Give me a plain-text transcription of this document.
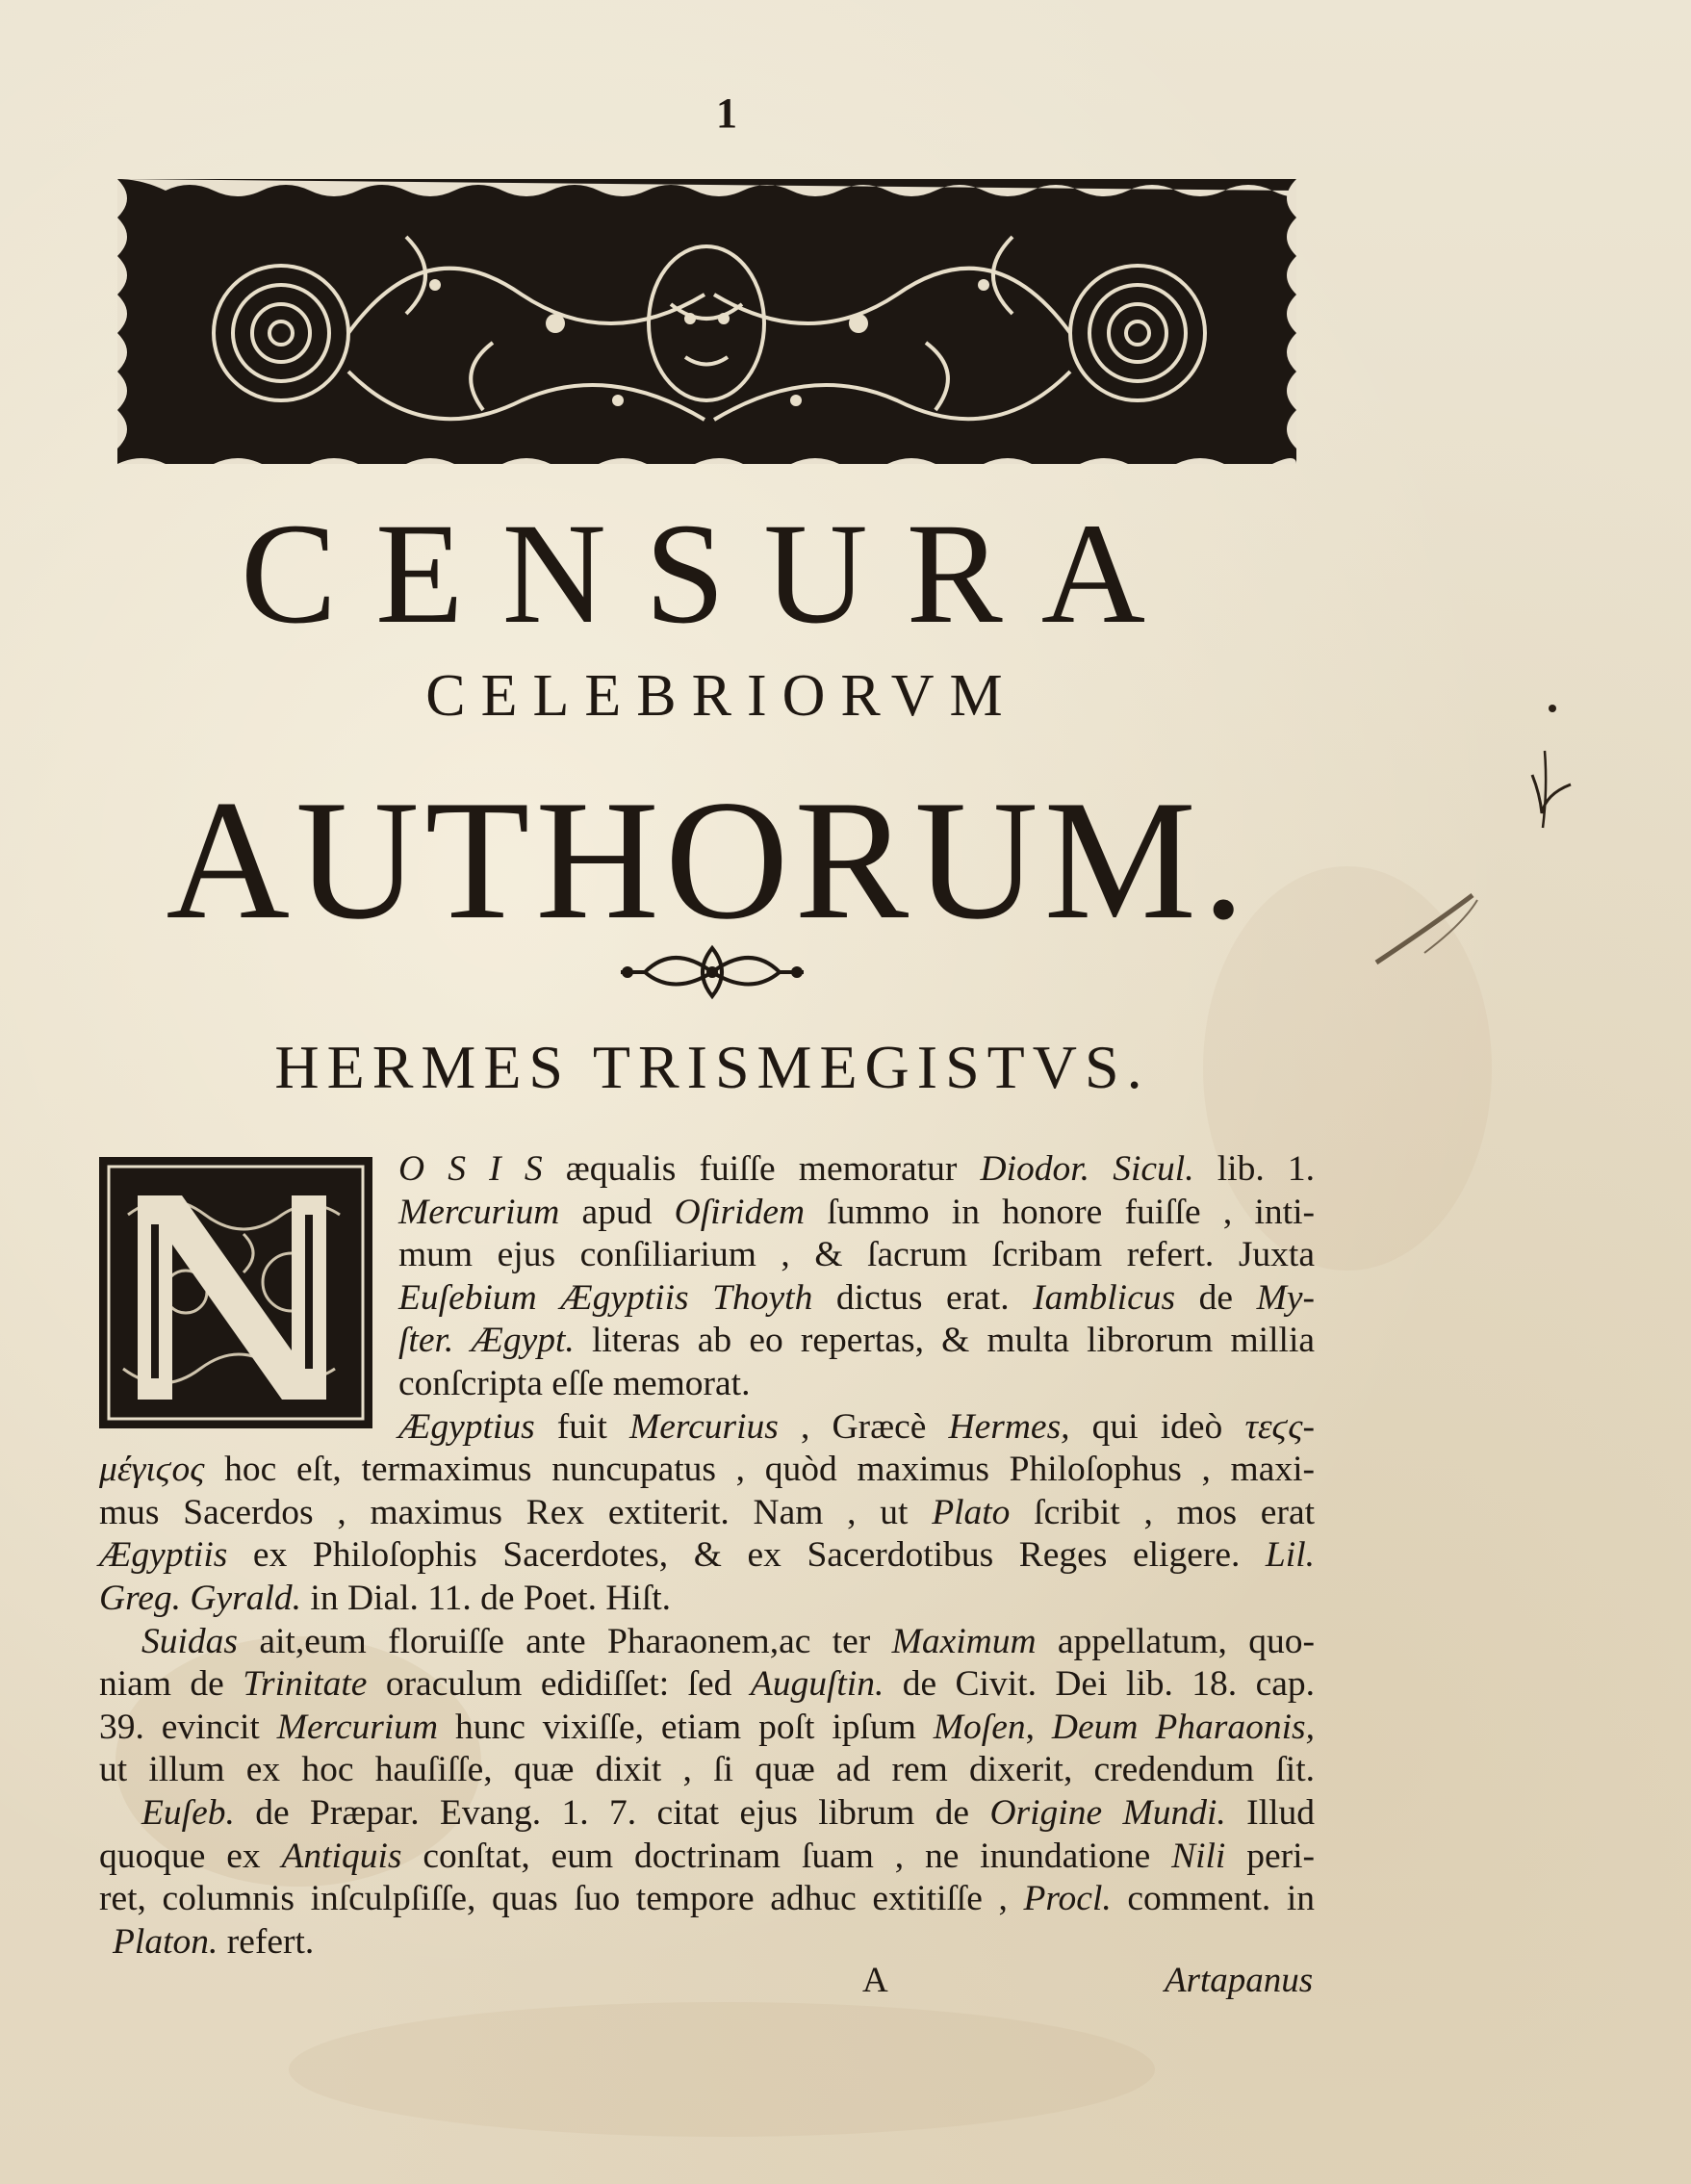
1
CENSURA
CELEBRIORVM
AUTHORUM.
HERMES TRISMEGISTVS.
O S I S æqualis fuiſſe memoratur Diodor. Sicul. lib. 1.
Mercurium apud Oſiridem ſummo in honore fuiſſe , inti-
mum ejus conſiliarium , & ſacrum ſcribam refert. Juxta
Euſebium Ægyptiis Thoyth dictus erat. Iamblicus de My-
ſter. Ægypt. literas ab eo repertas, & multa librorum millia
conſcripta eſſe memorat.
Ægyptius fuit Mercurius , Græcè Hermes, qui ideò τεϛς-
μέγιϛος hoc eſt, termaximus nuncupatus , quòd maximus Philoſophus , maxi-
mus Sacerdos , maximus Rex extiterit. Nam , ut Plato ſcribit , mos erat
Ægyptiis ex Philoſophis Sacerdotes, & ex Sacerdotibus Reges eligere. Lil.
Greg. Gyrald. in Dial. 11. de Poet. Hiſt.
Suidas ait,eum floruiſſe ante Pharaonem,ac ter Maximum appellatum, quo-
niam de Trinitate oraculum edidiſſet: ſed Auguſtin. de Civit. Dei lib. 18. cap.
39. evincit Mercurium hunc vixiſſe, etiam poſt ipſum Moſen, Deum Pharaonis,
ut illum ex hoc hauſiſſe, quæ dixit , ſi quæ ad rem dixerit, credendum ſit.
Euſeb. de Præpar. Evang. 1. 7. citat ejus librum de Origine Mundi. Illud
quoque ex Antiquis conſtat, eum doctrinam ſuam , ne inundatione Nili peri-
ret, columnis inſculpſiſſe, quas ſuo tempore adhuc extitiſſe , Procl. comment. in
Platon. refert.
A	Artapanus
